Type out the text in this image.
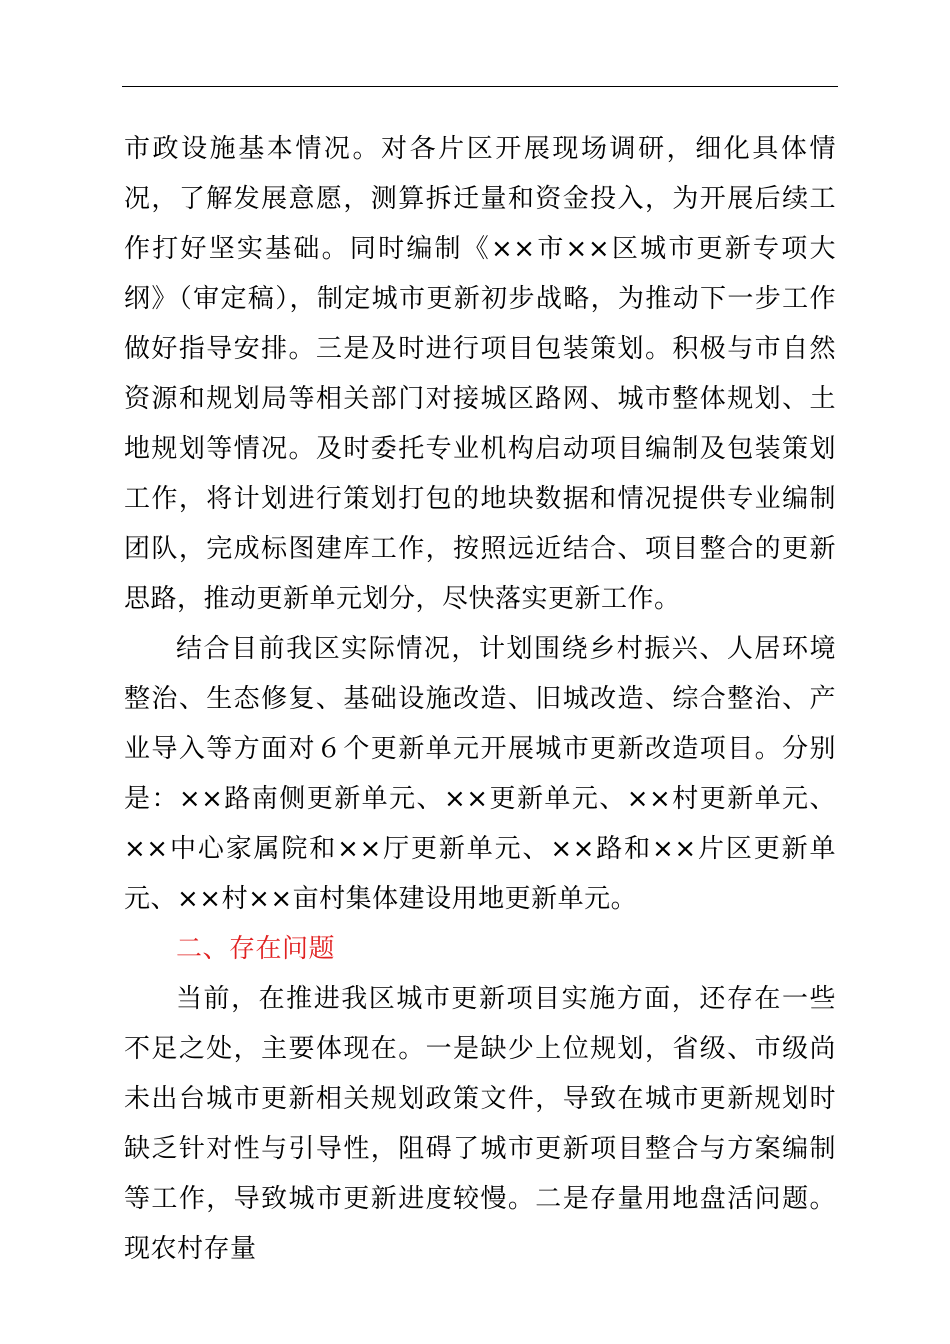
市政设施基本情况。对各片区开展现场调研，细化具体情况，了解发展意愿，测算拆迁量和资金投入，为开展后续工作打好坚实基础。同时编制《××市××区城市更新专项大纲》（审定稿），制定城市更新初步战略，为推动下一步工作做好指导安排。三是及时进行项目包装策划。积极与市自然资源和规划局等相关部门对接城区路网、城市整体规划、土地规划等情况。及时委托专业机构启动项目编制及包装策划工作，将计划进行策划打包的地块数据和情况提供专业编制团队，完成标图建库工作，按照远近结合、项目整合的更新思路，推动更新单元划分，尽快落实更新工作。

结合目前我区实际情况，计划围绕乡村振兴、人居环境整治、生态修复、基础设施改造、旧城改造、综合整治、产业导入等方面对６个更新单元开展城市更新改造项目。分别是：××路南侧更新单元、××更新单元、××村更新单元、××中心家属院和××厅更新单元、××路和××片区更新单元、××村××亩村集体建设用地更新单元。

二、存在问题

当前，在推进我区城市更新项目实施方面，还存在一些不足之处，主要体现在。一是缺少上位规划，省级、市级尚未出台城市更新相关规划政策文件，导致在城市更新规划时缺乏针对性与引导性，阻碍了城市更新项目整合与方案编制等工作，导致城市更新进度较慢。二是存量用地盘活问题。现农村存量
